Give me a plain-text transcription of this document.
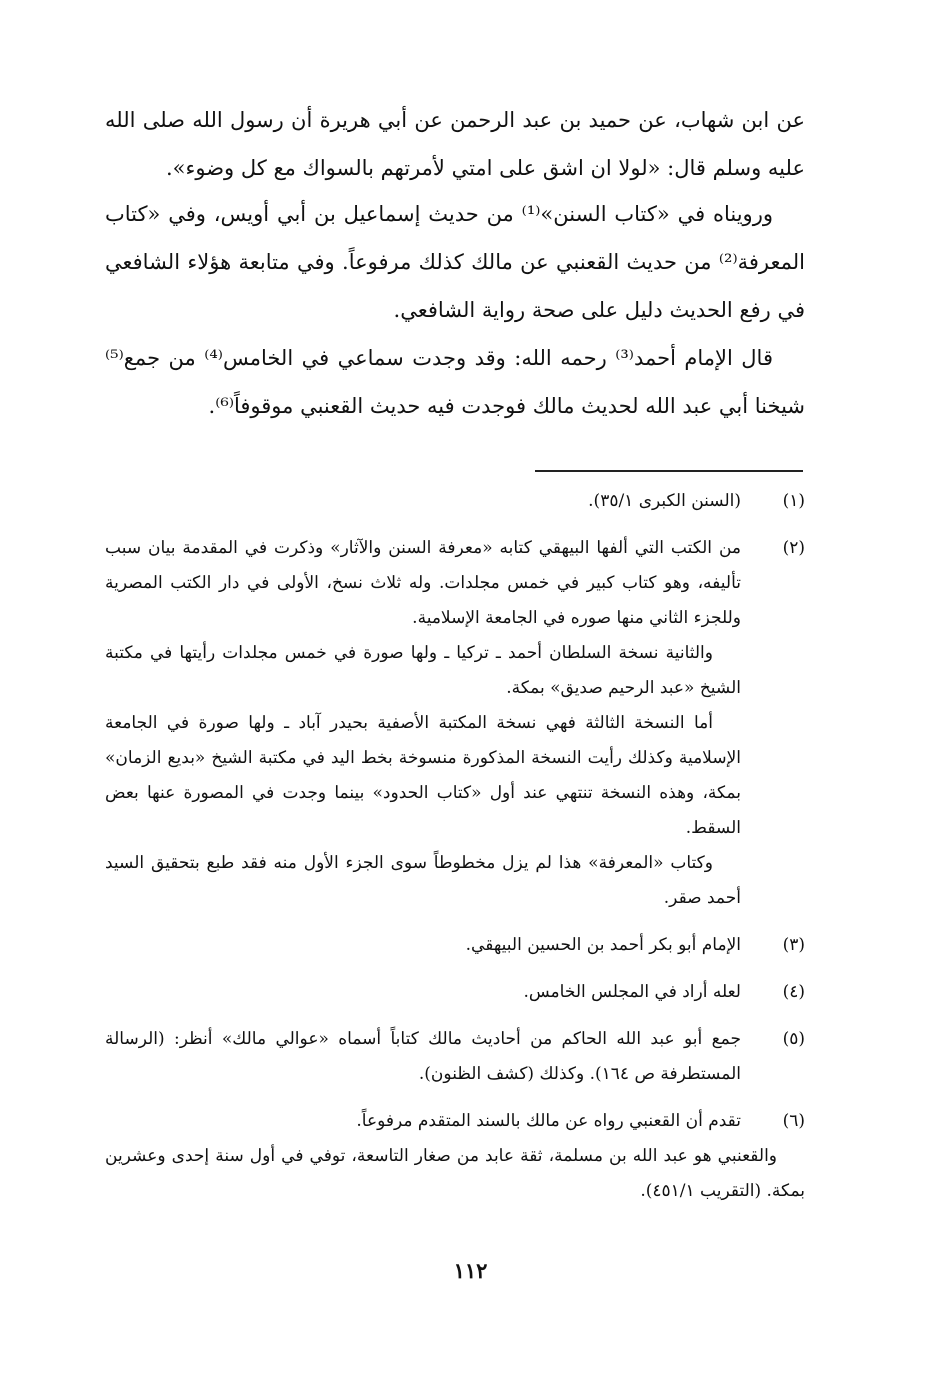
عن ابن شهاب، عن حميد بن عبد الرحمن عن أبي هريرة أن رسول الله صلى الله عليه وسلم قال: «لولا ان اشق على امتي لأمرتهم بالسواك مع كل وضوء».

ورويناه في «كتاب السنن»⁽¹⁾ من حديث إسماعيل بن أبي أويس، وفي «كتاب المعرفة⁽²⁾ من حديث القعنبي عن مالك كذلك مرفوعاً. وفي متابعة هؤلاء الشافعي في رفع الحديث دليل على صحة رواية الشافعي.

قال الإمام أحمد⁽³⁾ رحمه الله: وقد وجدت سماعي في الخامس⁽⁴⁾ من جمع⁽⁵⁾ شيخنا أبي عبد الله لحديث مالك فوجدت فيه حديث القعنبي موقوفاً⁽⁶⁾.

(١)

(السنن الكبرى ٣٥/١).

(٢)

من الكتب التي ألفها البيهقي كتابه «معرفة السنن والآثار» وذكرت في المقدمة بيان سبب تأليفه، وهو كتاب كبير في خمس مجلدات. وله ثلاث نسخ، الأولى في دار الكتب المصرية وللجزء الثاني منها صوره في الجامعة الإسلامية.

والثانية نسخة السلطان أحمد ـ تركيا ـ ولها صورة في خمس مجلدات رأيتها في مكتبة الشيخ «عبد الرحيم صديق» بمكة.

أما النسخة الثالثة فهي نسخة المكتبة الأصفية بحيدر آباد ـ ولها صورة في الجامعة الإسلامية وكذلك رأيت النسخة المذكورة منسوخة بخط اليد في مكتبة الشيخ «بديع الزمان» بمكة، وهذه النسخة تنتهي عند أول «كتاب الحدود» بينما وجدت في المصورة عنها بعض السقط.

وكتاب «المعرفة» هذا لم يزل مخطوطاً سوى الجزء الأول منه فقد طبع بتحقيق السيد أحمد صقر.

(٣)

الإمام أبو بكر أحمد بن الحسين البيهقي.

(٤)

لعله أراد في المجلس الخامس.

(٥)

جمع أبو عبد الله الحاكم من أحاديث مالك كتاباً أسماه «عوالي مالك» أنظر: (الرسالة المستطرفة ص ١٦٤). وكذلك (كشف الظنون).

(٦)

تقدم أن القعنبي رواه عن مالك بالسند المتقدم مرفوعاً.

والقعنبي هو عبد الله بن مسلمة، ثقة عابد من صغار التاسعة، توفي في أول سنة إحدى وعشرين بمكة. (التقريب ٤٥١/١).

١١٢
